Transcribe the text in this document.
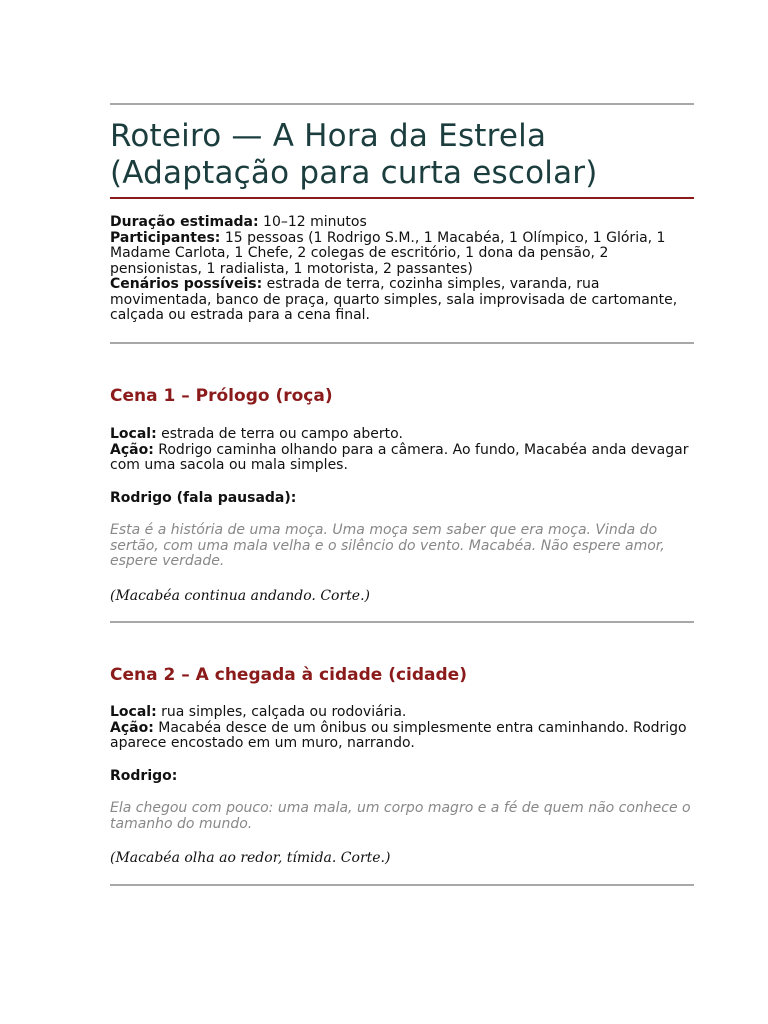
Roteiro — A Hora da Estrela
(Adaptação para curta escolar)
Duração estimada: 10–12 minutos
Participantes: 15 pessoas (1 Rodrigo S.M., 1 Macabéa, 1 Olímpico, 1 Glória, 1 Madame Carlota, 1 Chefe, 2 colegas de escritório, 1 dona da pensão, 2 pensionistas, 1 radialista, 1 motorista, 2 passantes)
Cenários possíveis: estrada de terra, cozinha simples, varanda, rua movimentada, banco de praça, quarto simples, sala improvisada de cartomante, calçada ou estrada para a cena final.
Cena 1 – Prólogo (roça)
Local: estrada de terra ou campo aberto.
Ação: Rodrigo caminha olhando para a câmera. Ao fundo, Macabéa anda devagar com uma sacola ou mala simples.
Rodrigo (fala pausada):
Esta é a história de uma moça. Uma moça sem saber que era moça. Vinda do sertão, com uma mala velha e o silêncio do vento. Macabéa. Não espere amor, espere verdade.
(Macabéa continua andando. Corte.)
Cena 2 – A chegada à cidade (cidade)
Local: rua simples, calçada ou rodoviária.
Ação: Macabéa desce de um ônibus ou simplesmente entra caminhando. Rodrigo aparece encostado em um muro, narrando.
Rodrigo:
Ela chegou com pouco: uma mala, um corpo magro e a fé de quem não conhece o tamanho do mundo.
(Macabéa olha ao redor, tímida. Corte.)
